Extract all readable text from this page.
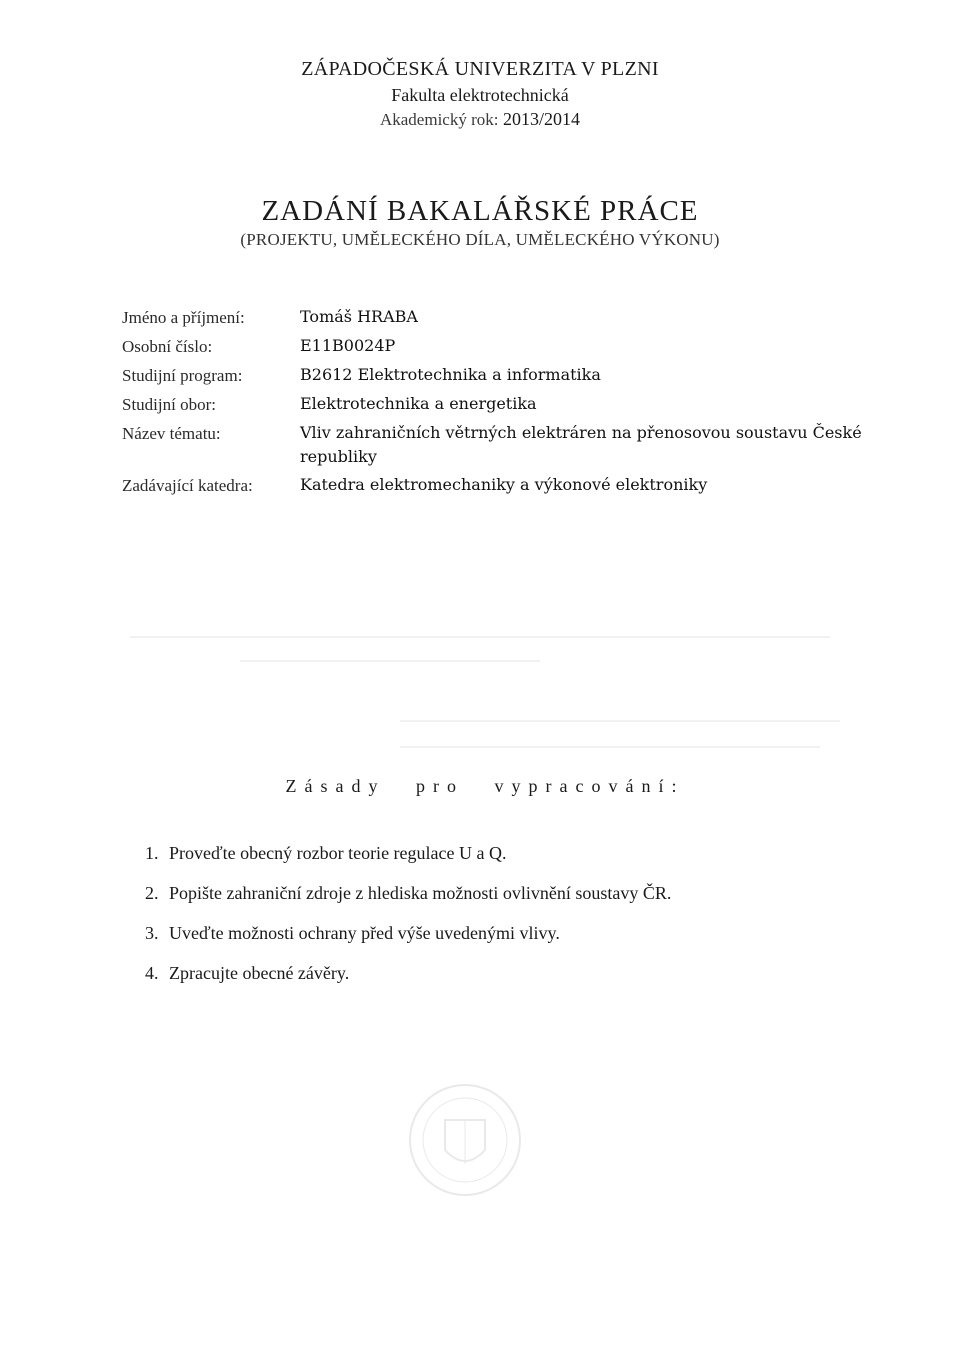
ZÁPADOČESKÁ UNIVERZITA V PLZNI
Fakulta elektrotechnická
Akademický rok: 2013/2014
ZADÁNÍ BAKALÁŘSKÉ PRÁCE
(PROJEKTU, UMĚLECKÉHO DÍLA, UMĚLECKÉHO VÝKONU)
Jméno a příjmení:	Tomáš HRABA
Osobní číslo:	E11B0024P
Studijní program:	B2612 Elektrotechnika a informatika
Studijní obor:	Elektrotechnika a energetika
Název tématu:	Vliv zahraničních větrných elektráren na přenosovou soustavu České republiky
Zadávající katedra:	Katedra elektromechaniky a výkonové elektroniky
Zásady pro vypracování:
1. Proveďte obecný rozbor teorie regulace U a Q.
2. Popište zahraniční zdroje z hlediska možnosti ovlivnění soustavy ČR.
3. Uveďte možnosti ochrany před výše uvedenými vlivy.
4. Zpracujte obecné závěry.
